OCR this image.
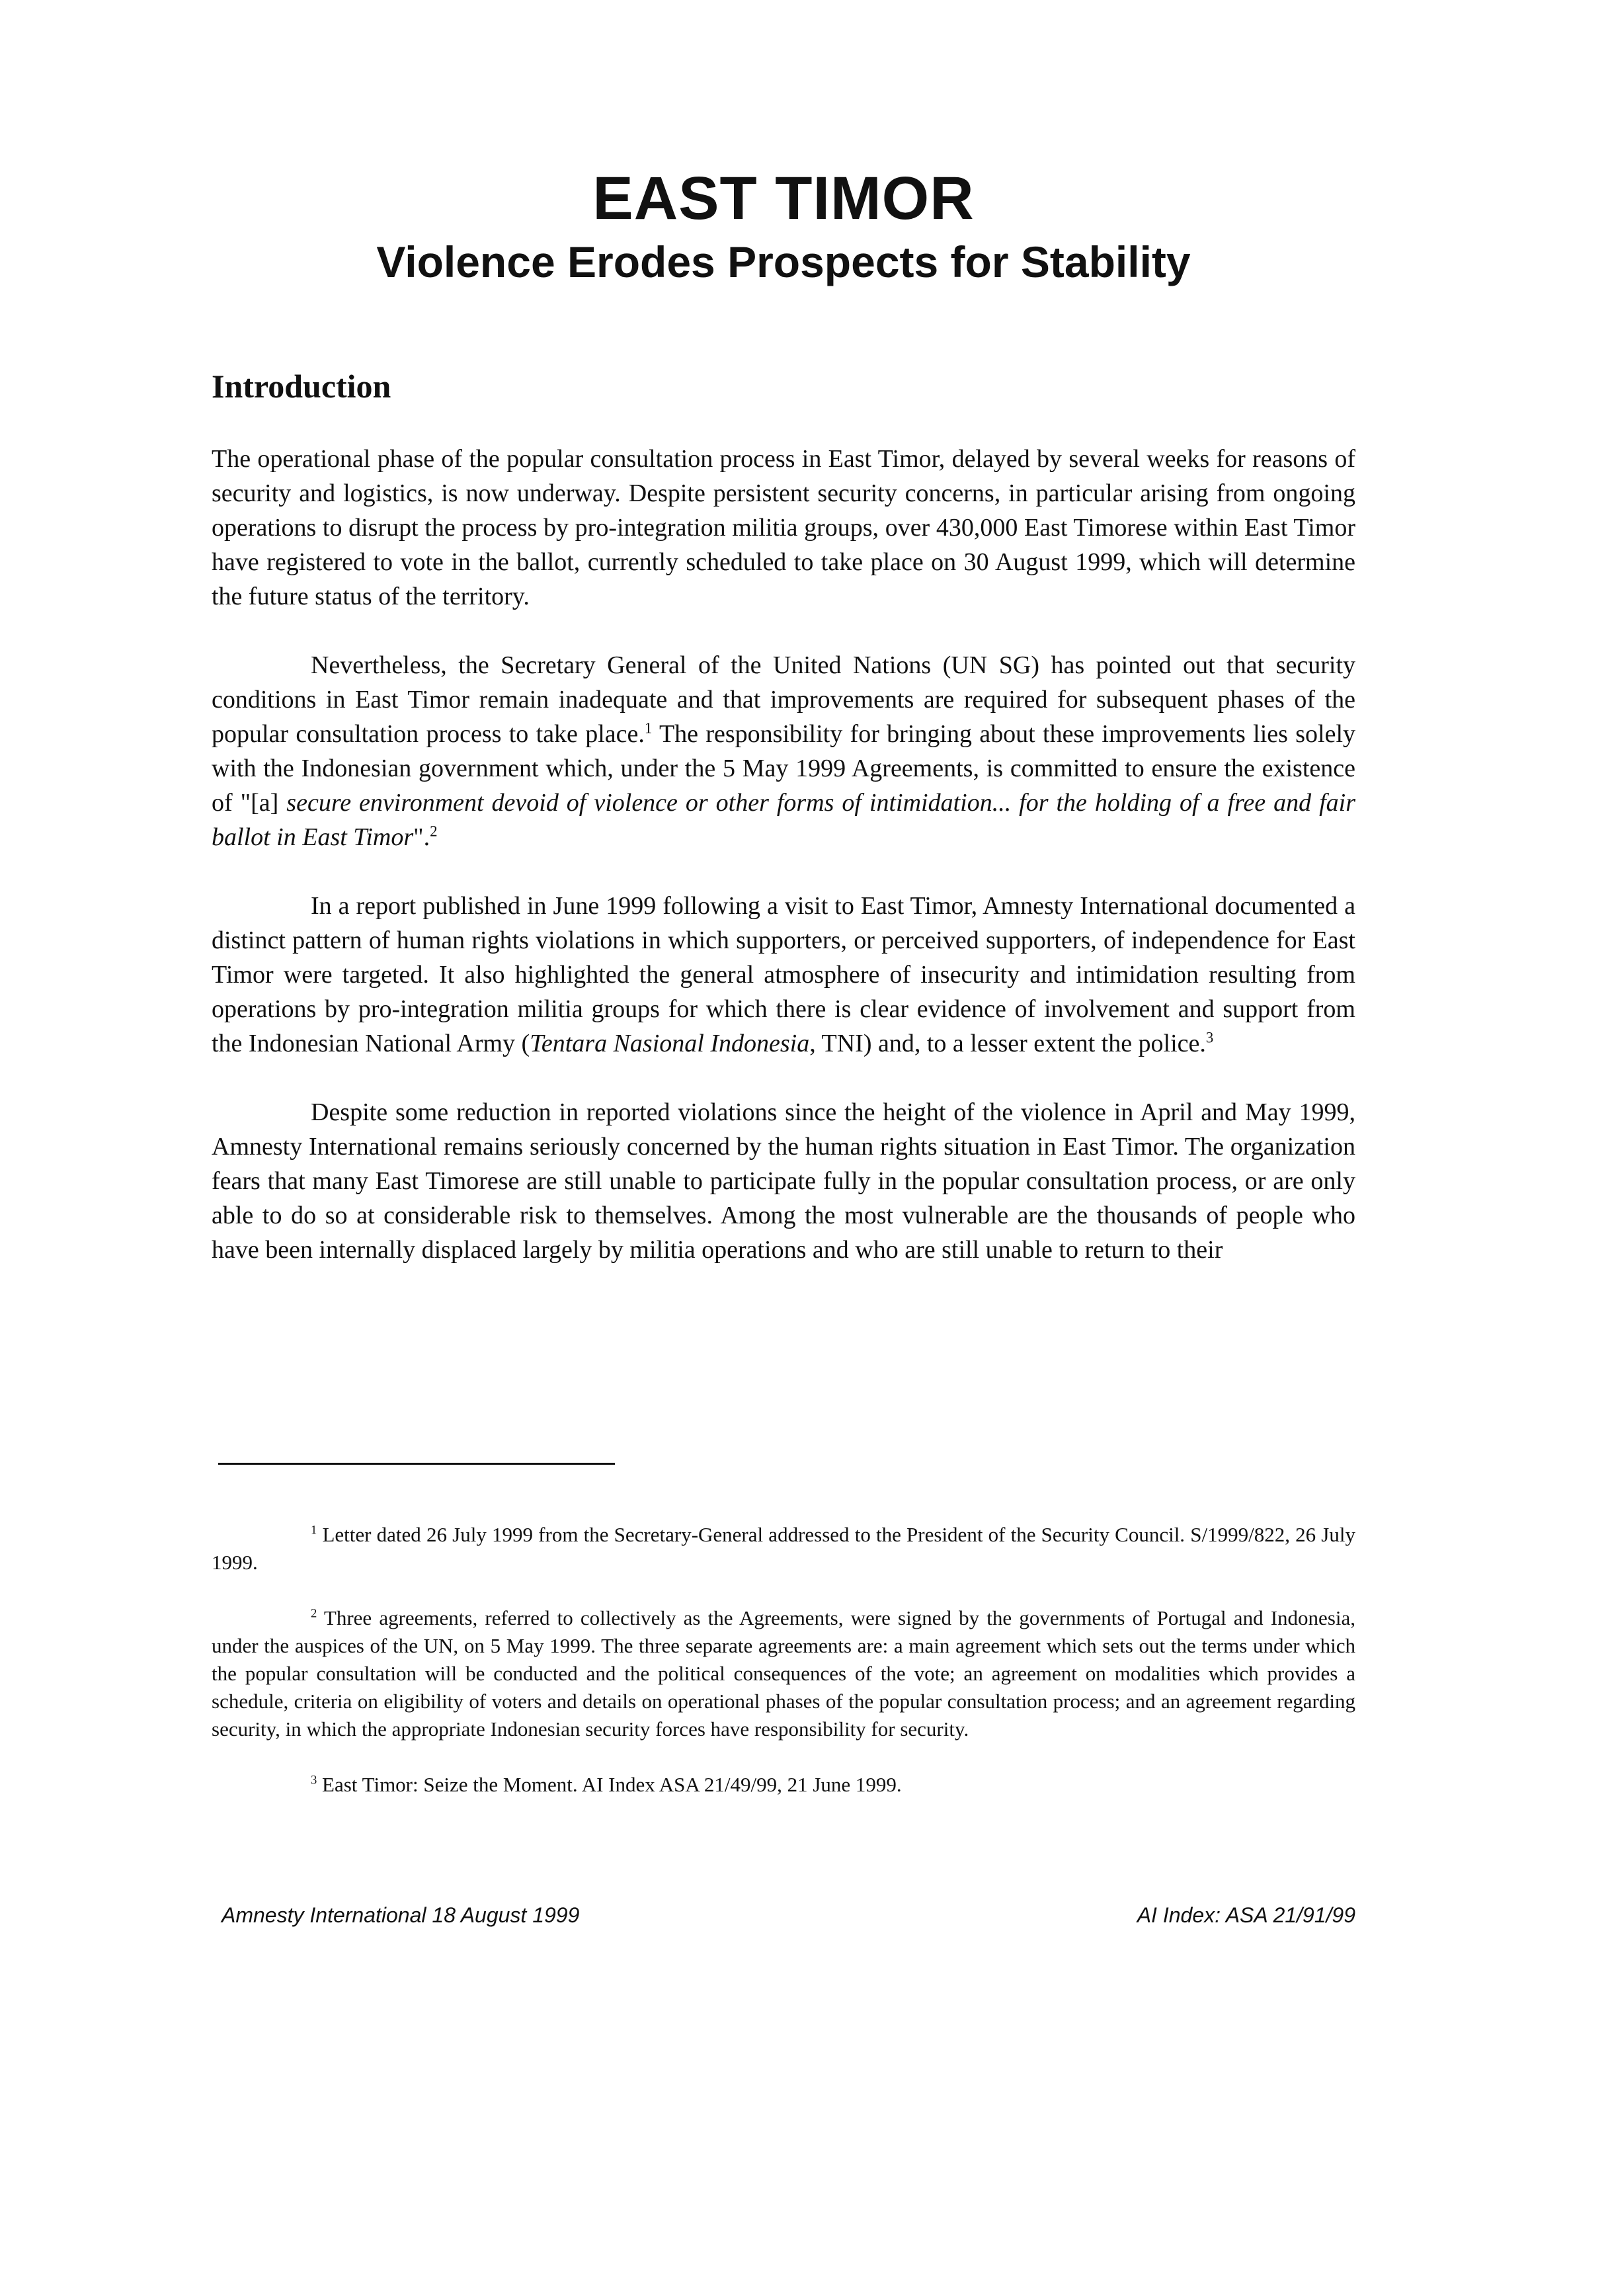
EAST TIMOR
Violence Erodes Prospects for Stability
Introduction

The operational phase of the popular consultation process in East Timor, delayed by several weeks for reasons of security and logistics, is now underway. Despite persistent security concerns, in particular arising from ongoing operations to disrupt the process by pro-integration militia groups, over 430,000 East Timorese within East Timor have registered to vote in the ballot, currently scheduled to take place on 30 August 1999, which will determine the future status of the territory.

Nevertheless, the Secretary General of the United Nations (UN SG) has pointed out that security conditions in East Timor remain inadequate and that improvements are required for subsequent phases of the popular consultation process to take place.$^1$ The responsibility for bringing about these improvements lies solely with the Indonesian government which, under the 5 May 1999 Agreements, is committed to ensure the existence of "[a] secure environment devoid of violence or other forms of intimidation... for the holding of a free and fair ballot in East Timor".$^2$

In a report published in June 1999 following a visit to East Timor, Amnesty International documented a distinct pattern of human rights violations in which supporters, or perceived supporters, of independence for East Timor were targeted. It also highlighted the general atmosphere of insecurity and intimidation resulting from operations by pro-integration militia groups for which there is clear evidence of involvement and support from the Indonesian National Army (Tentara Nasional Indonesia, TNI) and, to a lesser extent the police.$^3$

Despite some reduction in reported violations since the height of the violence in April and May 1999, Amnesty International remains seriously concerned by the human rights situation in East Timor. The organization fears that many East Timorese are still unable to participate fully in the popular consultation process, or are only able to do so at considerable risk to themselves. Among the most vulnerable are the thousands of people who have been internally displaced largely by militia operations and who are still unable to return to their

$^1$ Letter dated 26 July 1999 from the Secretary-General addressed to the President of the Security Council. S/1999/822, 26 July 1999.

$^2$ Three agreements, referred to collectively as the Agreements, were signed by the governments of Portugal and Indonesia, under the auspices of the UN, on 5 May 1999. The three separate agreements are: a main agreement which sets out the terms under which the popular consultation will be conducted and the political consequences of the vote; an agreement on modalities which provides a schedule, criteria on eligibility of voters and details on operational phases of the popular consultation process; and an agreement regarding security, in which the appropriate Indonesian security forces have responsibility for security.

$^3$ East Timor: Seize the Moment. AI Index ASA 21/49/99, 21 June 1999.

Amnesty International 18 August 1999	AI Index: ASA 21/91/99
